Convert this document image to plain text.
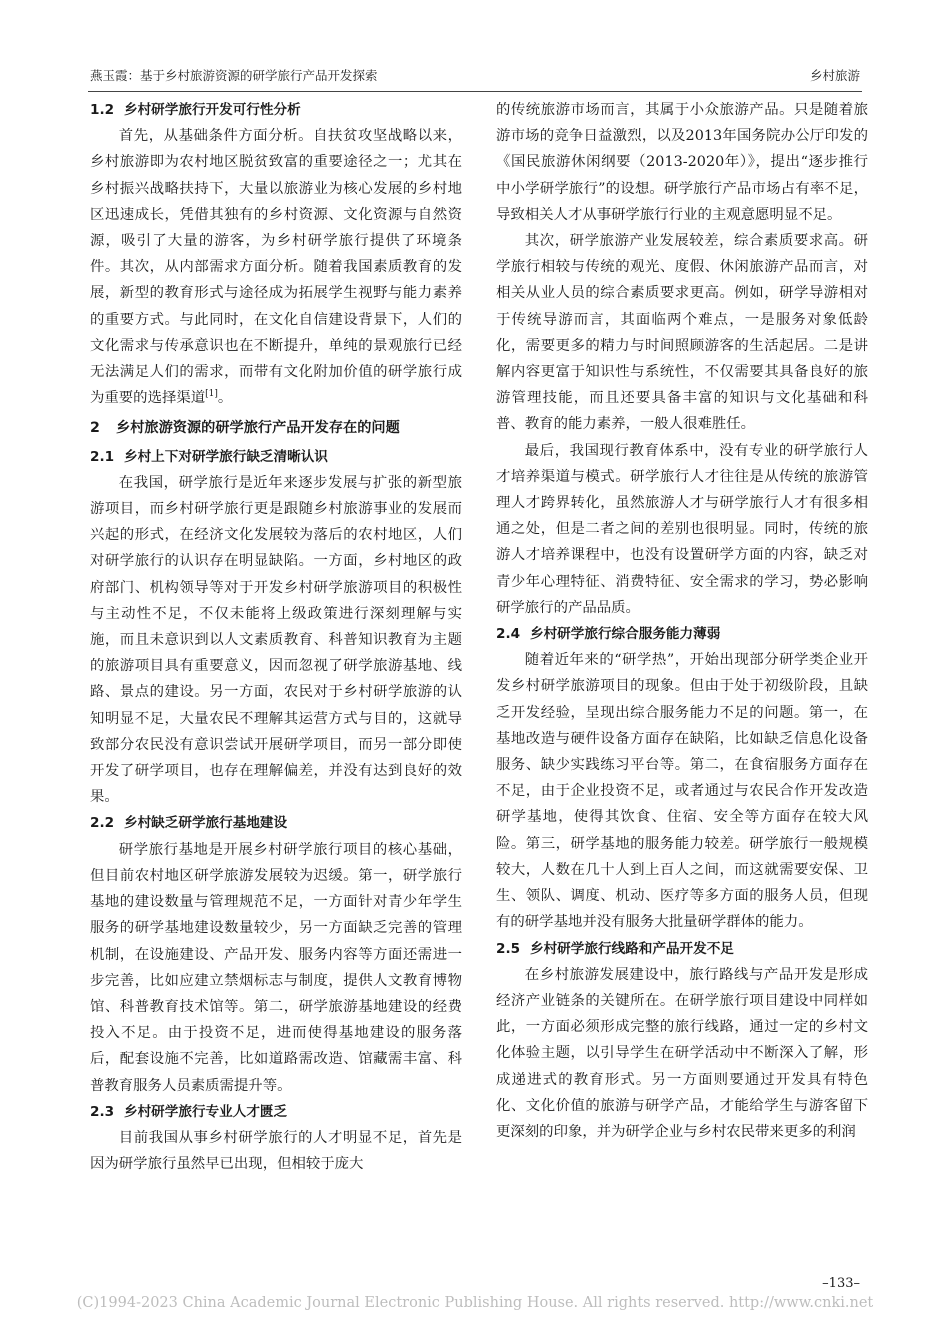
燕玉霞：基于乡村旅游资源的研学旅行产品开发探索	乡村旅游
1.2 乡村研学旅行开发可行性分析

首先，从基础条件方面分析。自扶贫攻坚战略以来，乡村旅游即为农村地区脱贫致富的重要途径之一；尤其在乡村振兴战略扶持下，大量以旅游业为核心发展的乡村地区迅速成长，凭借其独有的乡村资源、文化资源与自然资源，吸引了大量的游客，为乡村研学旅行提供了环境条件。其次，从内部需求方面分析。随着我国素质教育的发展，新型的教育形式与途径成为拓展学生视野与能力素养的重要方式。与此同时，在文化自信建设背景下，人们的文化需求与传承意识也在不断提升，单纯的景观旅行已经无法满足人们的需求，而带有文化附加价值的研学旅行成为重要的选择渠道[1]。

2	乡村旅游资源的研学旅行产品开发存在的问题
2.1 乡村上下对研学旅行缺乏清晰认识

在我国，研学旅行是近年来逐步发展与扩张的新型旅游项目，而乡村研学旅行更是跟随乡村旅游事业的发展而兴起的形式，在经济文化发展较为落后的农村地区，人们对研学旅行的认识存在明显缺陷。一方面，乡村地区的政府部门、机构领导等对于开发乡村研学旅游项目的积极性与主动性不足，不仅未能将上级政策进行深刻理解与实施，而且未意识到以人文素质教育、科普知识教育为主题的旅游项目具有重要意义，因而忽视了研学旅游基地、线路、景点的建设。另一方面，农民对于乡村研学旅游的认知明显不足，大量农民不理解其运营方式与目的，这就导致部分农民没有意识尝试开展研学项目，而另一部分即使开发了研学项目，也存在理解偏差，并没有达到良好的效果。

2.2 乡村缺乏研学旅行基地建设

研学旅行基地是开展乡村研学旅行项目的核心基础，但目前农村地区研学旅游发展较为迟缓。第一，研学旅行基地的建设数量与管理规范不足，一方面针对青少年学生服务的研学基地建设数量较少，另一方面缺乏完善的管理机制，在设施建设、产品开发、服务内容等方面还需进一步完善，比如应建立禁烟标志与制度，提供人文教育博物馆、科普教育技术馆等。第二，研学旅游基地建设的经费投入不足。由于投资不足，进而使得基地建设的服务落后，配套设施不完善，比如道路需改造、馆藏需丰富、科普教育服务人员素质需提升等。

2.3 乡村研学旅行专业人才匮乏

目前我国从事乡村研学旅行的人才明显不足，首先是因为研学旅行虽然早已出现，但相较于庞大

的传统旅游市场而言，其属于小众旅游产品。只是随着旅游市场的竞争日益激烈，以及2013年国务院办公厅印发的《国民旅游休闲纲要（2013-2020年）》，提出“逐步推行中小学研学旅行”的设想。研学旅行产品市场占有率不足，导致相关人才从事研学旅行行业的主观意愿明显不足。

其次，研学旅游产业发展较差，综合素质要求高。研学旅行相较与传统的观光、度假、休闲旅游产品而言，对相关从业人员的综合素质要求更高。例如，研学导游相对于传统导游而言，其面临两个难点，一是服务对象低龄化，需要更多的精力与时间照顾游客的生活起居。二是讲解内容更富于知识性与系统性，不仅需要其具备良好的旅游管理技能，而且还要具备丰富的知识与文化基础和科普、教育的能力素养，一般人很难胜任。

最后，我国现行教育体系中，没有专业的研学旅行人才培养渠道与模式。研学旅行人才往往是从传统的旅游管理人才跨界转化，虽然旅游人才与研学旅行人才有很多相通之处，但是二者之间的差别也很明显。同时，传统的旅游人才培养课程中，也没有设置研学方面的内容，缺乏对青少年心理特征、消费特征、安全需求的学习，势必影响研学旅行的产品品质。

2.4 乡村研学旅行综合服务能力薄弱

随着近年来的“研学热”，开始出现部分研学类企业开发乡村研学旅游项目的现象。但由于处于初级阶段，且缺乏开发经验，呈现出综合服务能力不足的问题。第一，在基地改造与硬件设备方面存在缺陷，比如缺乏信息化设备服务、缺少实践练习平台等。第二，在食宿服务方面存在不足，由于企业投资不足，或者通过与农民合作开发改造研学基地，使得其饮食、住宿、安全等方面存在较大风险。第三，研学基地的服务能力较差。研学旅行一般规模较大，人数在几十人到上百人之间，而这就需要安保、卫生、领队、调度、机动、医疗等多方面的服务人员，但现有的研学基地并没有服务大批量研学群体的能力。

2.5 乡村研学旅行线路和产品开发不足

在乡村旅游发展建设中，旅行路线与产品开发是形成经济产业链条的关键所在。在研学旅行项目建设中同样如此，一方面必须形成完整的旅行线路，通过一定的乡村文化体验主题，以引导学生在研学活动中不断深入了解，形成递进式的教育形式。另一方面则要通过开发具有特色化、文化价值的旅游与研学产品，才能给学生与游客留下更深刻的印象，并为研学企业与乡村农民带来更多的利润

–133–
(C)1994-2023 China Academic Journal Electronic Publishing House. All rights reserved. http://www.cnki.net
